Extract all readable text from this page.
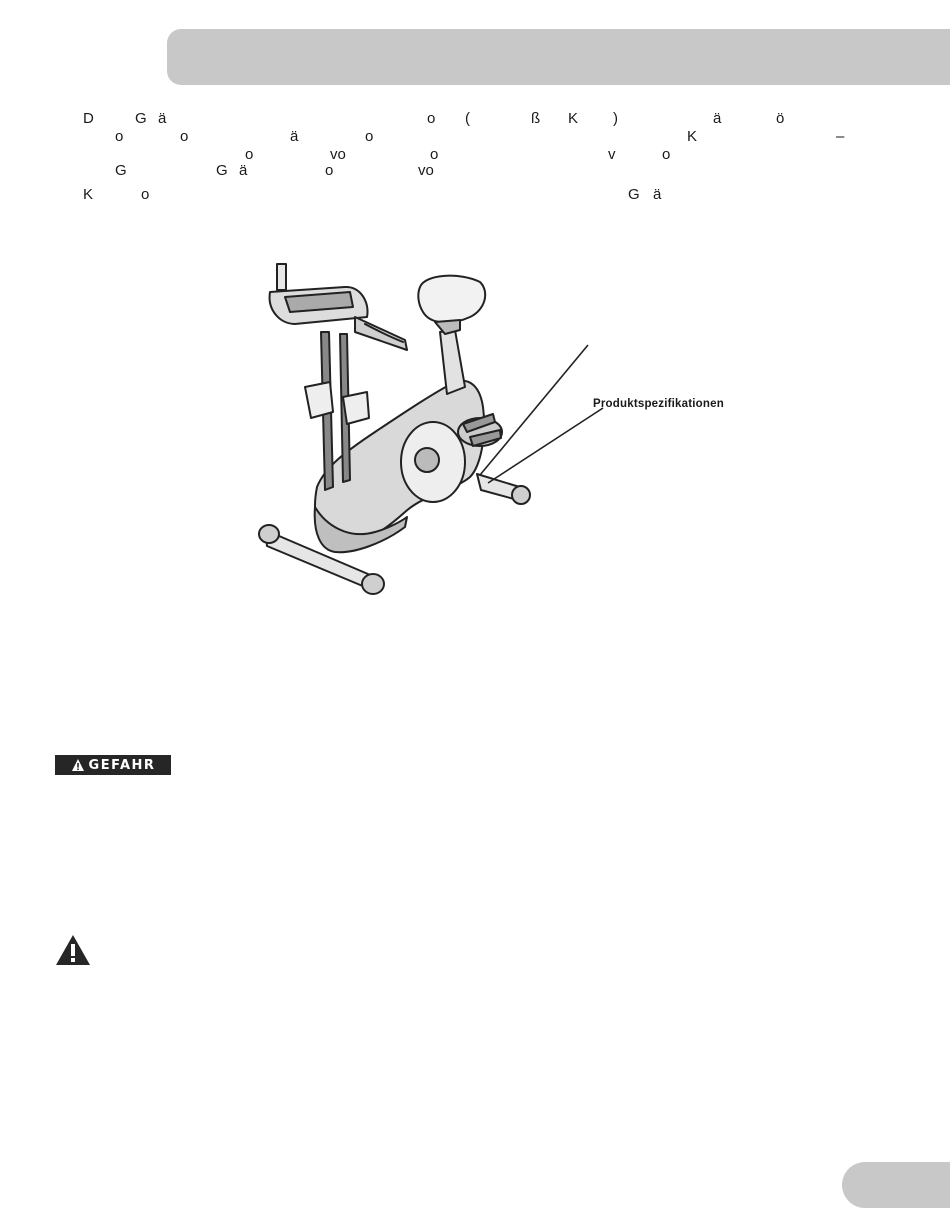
D	G ä	o (	ß K )	ä	ö
o	o	ä	o	K	–
o	vo	o	v	o
G	G ä	o	vo
K	o	G ä
Produktspezifikationen
GEFAHR
